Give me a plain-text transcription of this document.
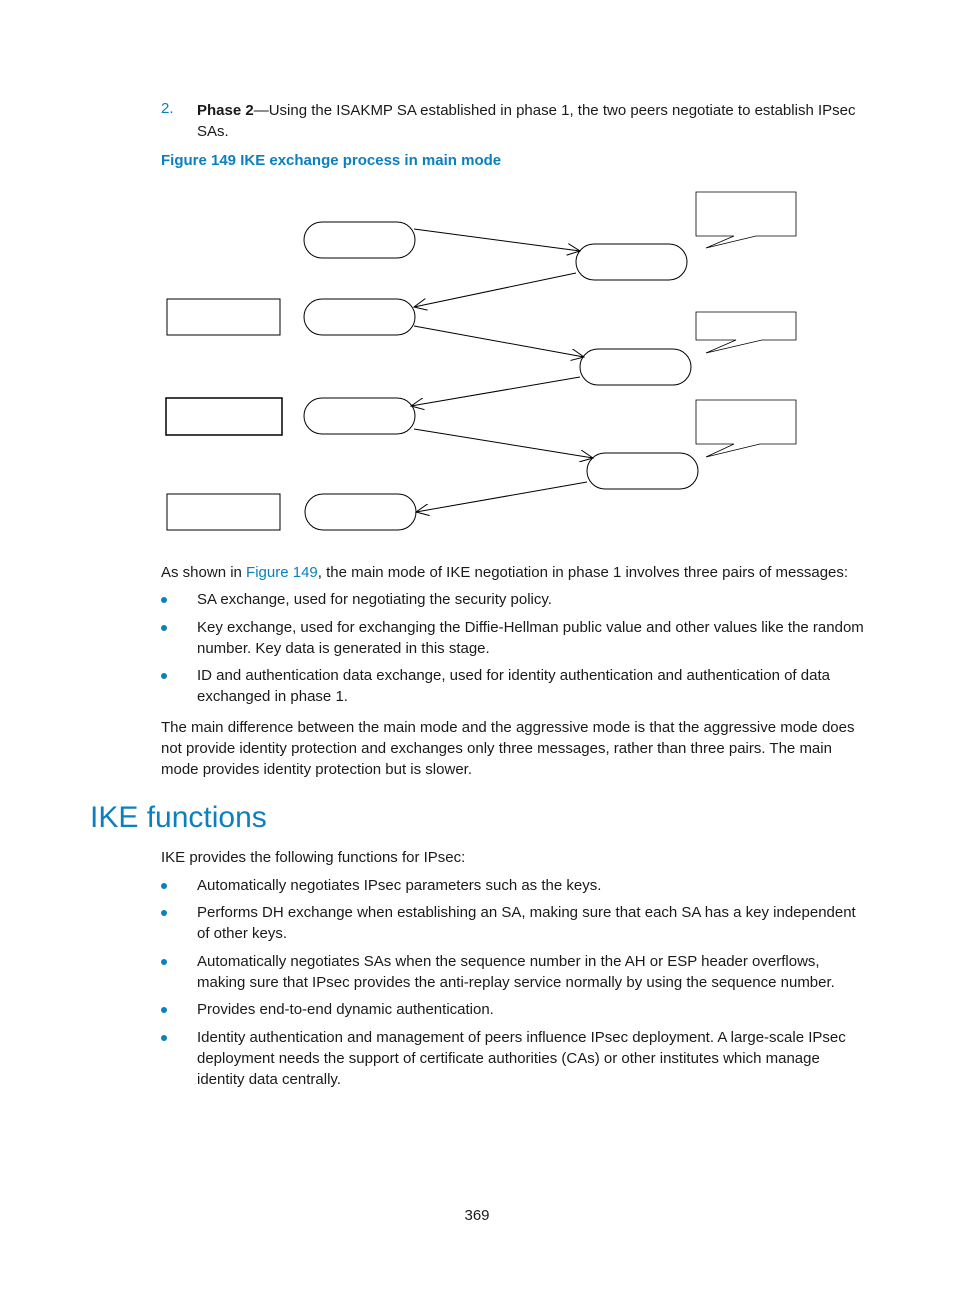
2. Phase 2—Using the ISAKMP SA established in phase 1, the two peers negotiate to establish IPsec SAs.
Figure 149 IKE exchange process in main mode
As shown in Figure 149, the main mode of IKE negotiation in phase 1 involves three pairs of messages:
SA exchange, used for negotiating the security policy.
Key exchange, used for exchanging the Diffie-Hellman public value and other values like the random number. Key data is generated in this stage.
ID and authentication data exchange, used for identity authentication and authentication of data exchanged in phase 1.
The main difference between the main mode and the aggressive mode is that the aggressive mode does not provide identity protection and exchanges only three messages, rather than three pairs. The main mode provides identity protection but is slower.
IKE functions
IKE provides the following functions for IPsec:
Automatically negotiates IPsec parameters such as the keys.
Performs DH exchange when establishing an SA, making sure that each SA has a key independent of other keys.
Automatically negotiates SAs when the sequence number in the AH or ESP header overflows, making sure that IPsec provides the anti-replay service normally by using the sequence number.
Provides end-to-end dynamic authentication.
Identity authentication and management of peers influence IPsec deployment. A large-scale IPsec deployment needs the support of certificate authorities (CAs) or other institutes which manage identity data centrally.
369
